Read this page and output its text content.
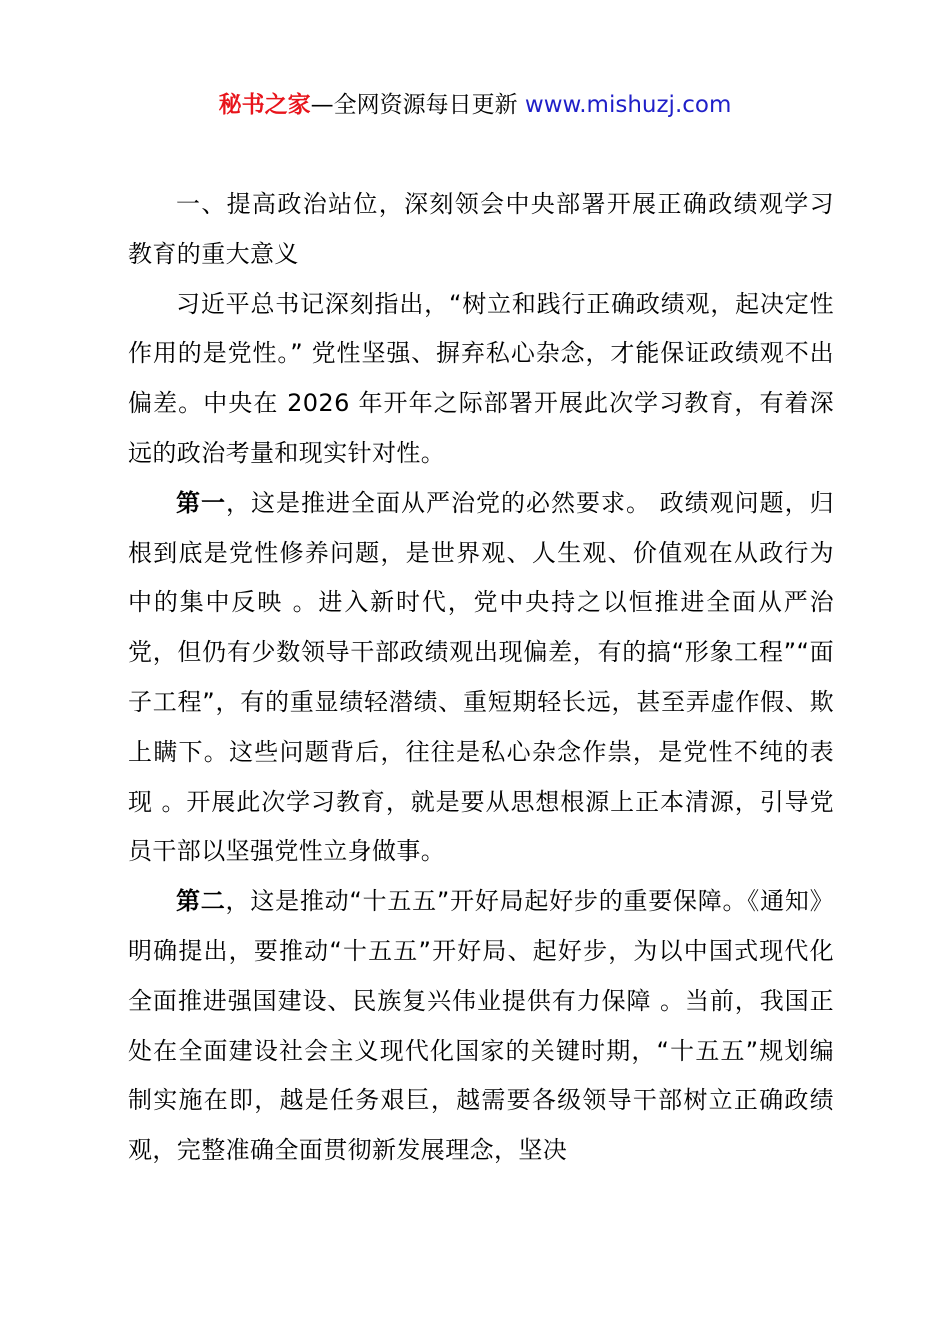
秘书之家—全网资源每日更新 www.mishuzj.com

一、提高政治站位，深刻领会中央部署开展正确政绩观学习教育的重大意义

习近平总书记深刻指出，“树立和践行正确政绩观，起决定性作用的是党性。” 党性坚强、摒弃私心杂念，才能保证政绩观不出偏差。中央在 2026 年开年之际部署开展此次学习教育，有着深远的政治考量和现实针对性。

第一，这是推进全面从严治党的必然要求。 政绩观问题，归根到底是党性修养问题，是世界观、人生观、价值观在从政行为中的集中反映 。进入新时代，党中央持之以恒推进全面从严治党，但仍有少数领导干部政绩观出现偏差，有的搞“形象工程”“面子工程”，有的重显绩轻潜绩、重短期轻长远，甚至弄虚作假、欺上瞒下。这些问题背后，往往是私心杂念作祟，是党性不纯的表现 。开展此次学习教育，就是要从思想根源上正本清源，引导党员干部以坚强党性立身做事。

第二，这是推动“十五五”开好局起好步的重要保障。《通知》明确提出，要推动“十五五”开好局、起好步，为以中国式现代化全面推进强国建设、民族复兴伟业提供有力保障 。当前，我国正处在全面建设社会主义现代化国家的关键时期，“十五五”规划编制实施在即，越是任务艰巨，越需要各级领导干部树立正确政绩观，完整准确全面贯彻新发展理念，坚决
